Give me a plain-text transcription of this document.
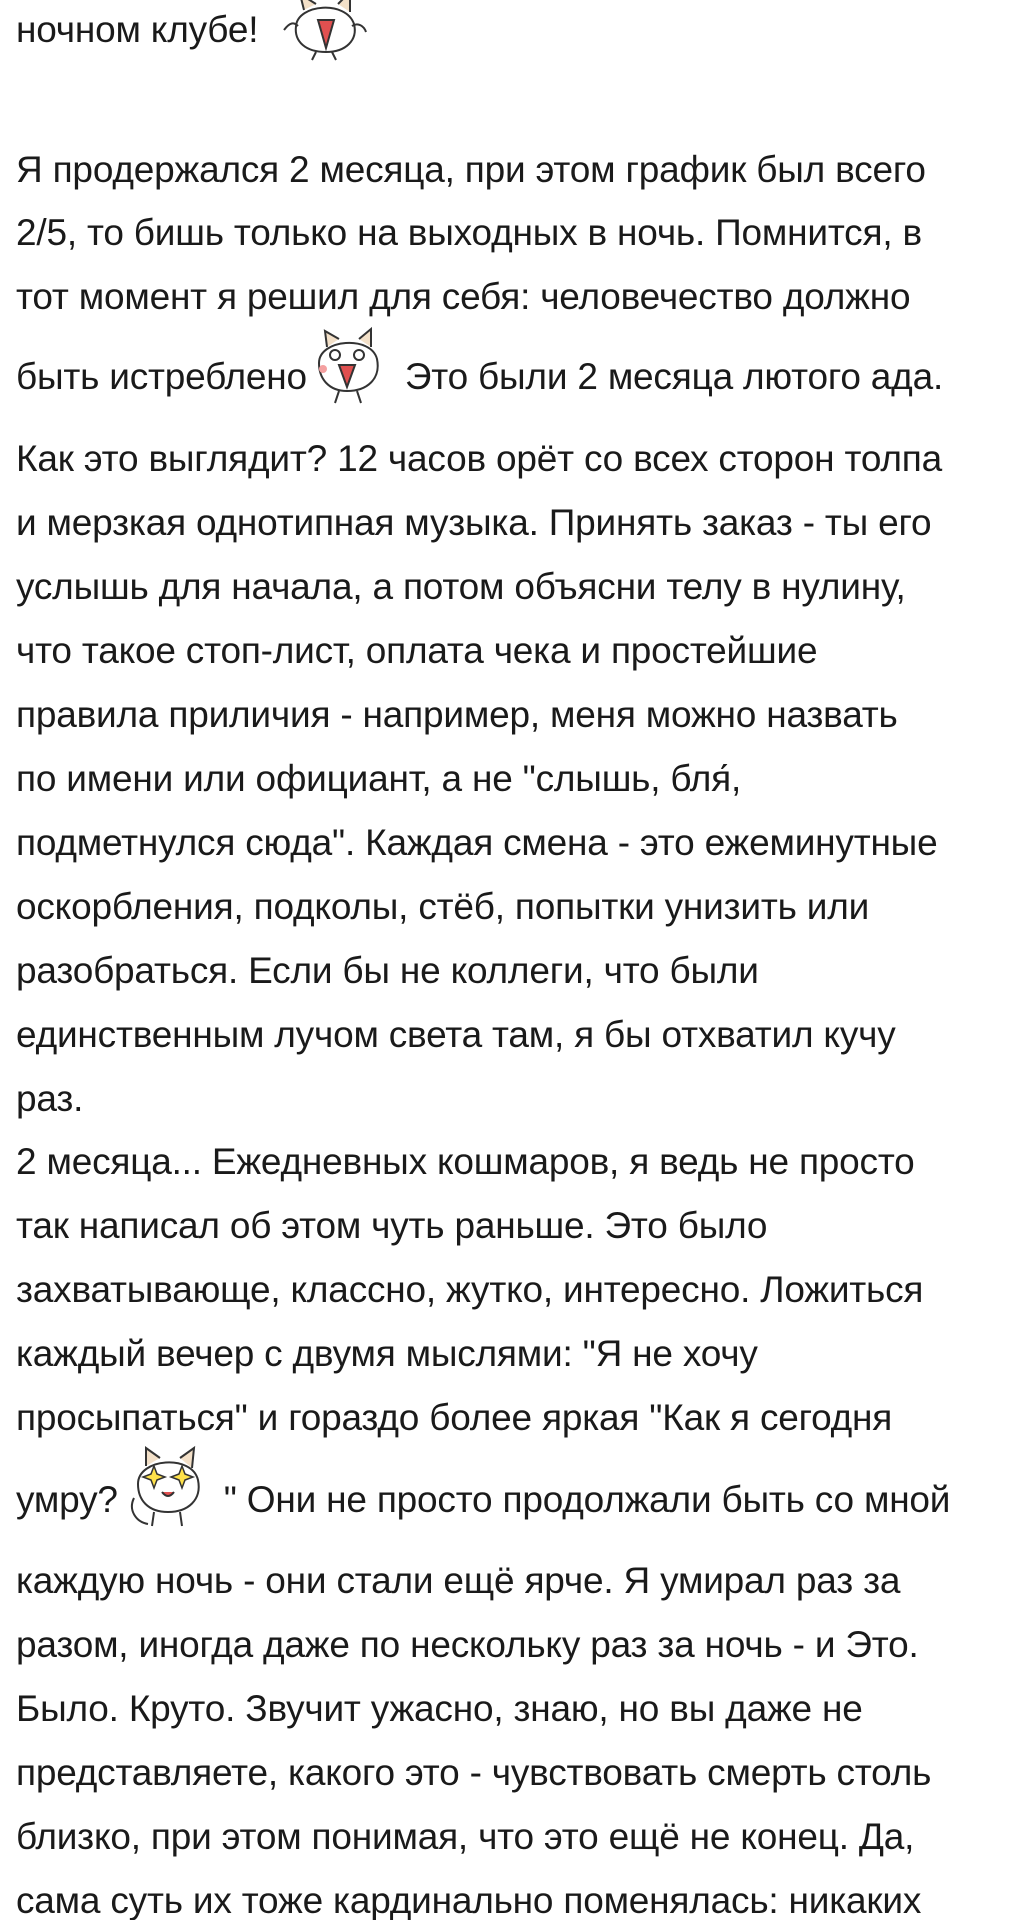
ночном клубе!
Я продержался 2 месяца, при этом график был всего
2/5, то бишь только на выходных в ночь. Помнится, в
тот момент я решил для себя: человечество должно
быть истреблено	Это были 2 месяца лютого ада.
Как это выглядит? 12 часов орёт со всех сторон толпа
и мерзкая однотипная музыка. Принять заказ - ты его
услышь для начала, а потом объясни телу в нулину,
что такое стоп-лист, оплата чека и простейшие
правила приличия - например, меня можно назвать
по имени или официант, а не "слышь, бля́,
подметнулся сюда". Каждая смена - это ежеминутные
оскорбления, подколы, стёб, попытки унизить или
разобраться. Если бы не коллеги, что были
единственным лучом света там, я бы отхватил кучу
раз.
2 месяца... Ежедневных кошмаров, я ведь не просто
так написал об этом чуть раньше. Это было
захватывающе, классно, жутко, интересно. Ложиться
каждый вечер с двумя мыслями: "Я не хочу
просыпаться" и гораздо более яркая "Как я сегодня
умру?	" Они не просто продолжали быть со мной
каждую ночь - они стали ещё ярче. Я умирал раз за
разом, иногда даже по нескольку раз за ночь - и Это.
Было. Круто. Звучит ужасно, знаю, но вы даже не
представляете, какого это - чувствовать смерть столь
близко, при этом понимая, что это ещё не конец. Да,
сама суть их тоже кардинально поменялась: никаких
